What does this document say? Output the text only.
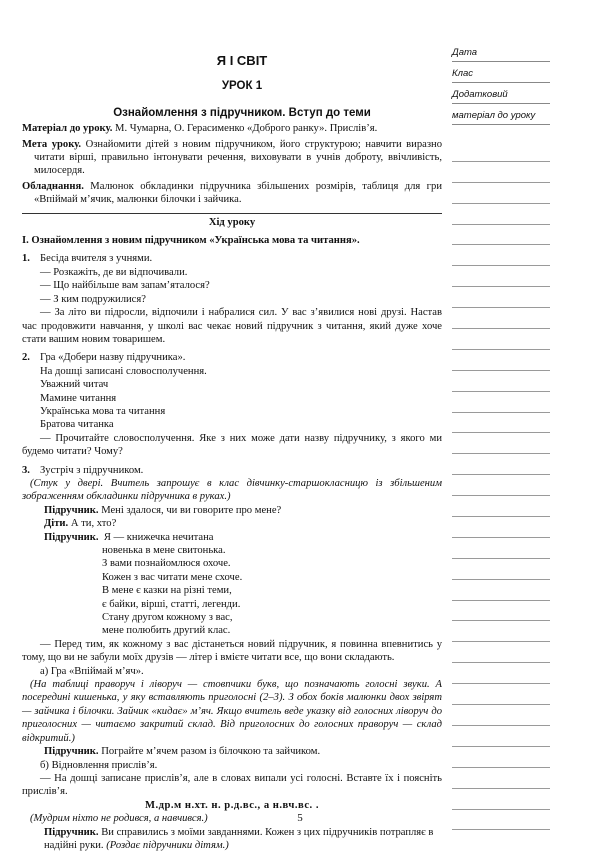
Я І СВІТ
УРОК 1
Ознайомлення з підручником. Вступ до теми
Матеріал до уроку. М. Чумарна, О. Герасименко «Доброго ранку». Прислів’я.
Мета уроку. Ознайомити дітей з новим підручником, його структурою; навчити виразно читати вірші, правильно інтонувати речення, виховувати в учнів доброту, ввічливість, милосердя.
Обладнання. Малюнок обкладинки підручника збільшених розмірів, таблиця для гри «Впіймай м’ячик, малюнки білочки і зайчика.
Хід уроку
І. Ознайомлення з новим підручником «Українська мова та читання».
1. Бесіда вчителя з учнями.
— Розкажіть, де ви відпочивали.
— Що найбільше вам запам’яталося?
— З ким подружилися?
— За літо ви підросли, відпочили і набралися сил. У вас з’явилися нові друзі. Настав час продовжити навчання, у школі вас чекає новий підручник з читання, який дуже хоче стати вашим новим товаришем.
2. Гра «Добери назву підручника».
На дошці записані словосполучення.
Уважний читач
Мамине читання
Українська мова та читання
Братова читанка
— Прочитайте словосполучення. Яке з них може дати назву підручнику, з якого ми будемо читати? Чому?
3. Зустріч з підручником.
(Стук у двері. Вчитель запрошує в клас дівчинку-старшокласницю із збільшеним зображенням обкладинки підручника в руках.)
Підручник. Мені здалося, чи ви говорите про мене?
Діти. А ти, хто?
Підручник. Я — книжечка нечитана
новенька в мене свитонька.
З вами познайомлюся охоче.
Кожен з вас читати мене схоче.
В мене є казки на різні теми,
є байки, вірші, статті, легенди.
Стану другом кожному з вас,
мене полюбить другий клас.
— Перед тим, як кожному з вас дістанеться новий підручник, я повинна впевнитись у тому, що ви не забули моїх друзів — літер і вмієте читати все, що вони складають.
а) Гра «Впіймай м’яч».
(На таблиці праворуч і ліворуч — стовпчики букв, що позначають голосні звуки. А посередині кишенька, у яку вставляють приголосні (2–3). З обох боків малюнки двох звірят — зайчика і білочки. Зайчик «кидає» м’яч. Якщо вчитель веде указку від голосних ліворуч до приголосних — читаємо закритий склад. Від приголосних до голосних праворуч — склад відкритий.)
Підручник. Пограйте м’ячем разом із білочкою та зайчиком.
б) Відновлення прислів’я.
— На дошці записане прислів’я, але в словах випали усі голосні. Вставте їх і поясніть прислів’я.
М.др.м н.хт. н. р.д.вс., а н.вч.вс. .
(Мудрим ніхто не родився, а навчився.)
Підручник. Ви справились з моїми завданнями. Кожен з цих підручників потрапляє в надійні руки. (Роздає підручники дітям.)
Дата
Клас
Додатковий
матеріал до уроку
5
